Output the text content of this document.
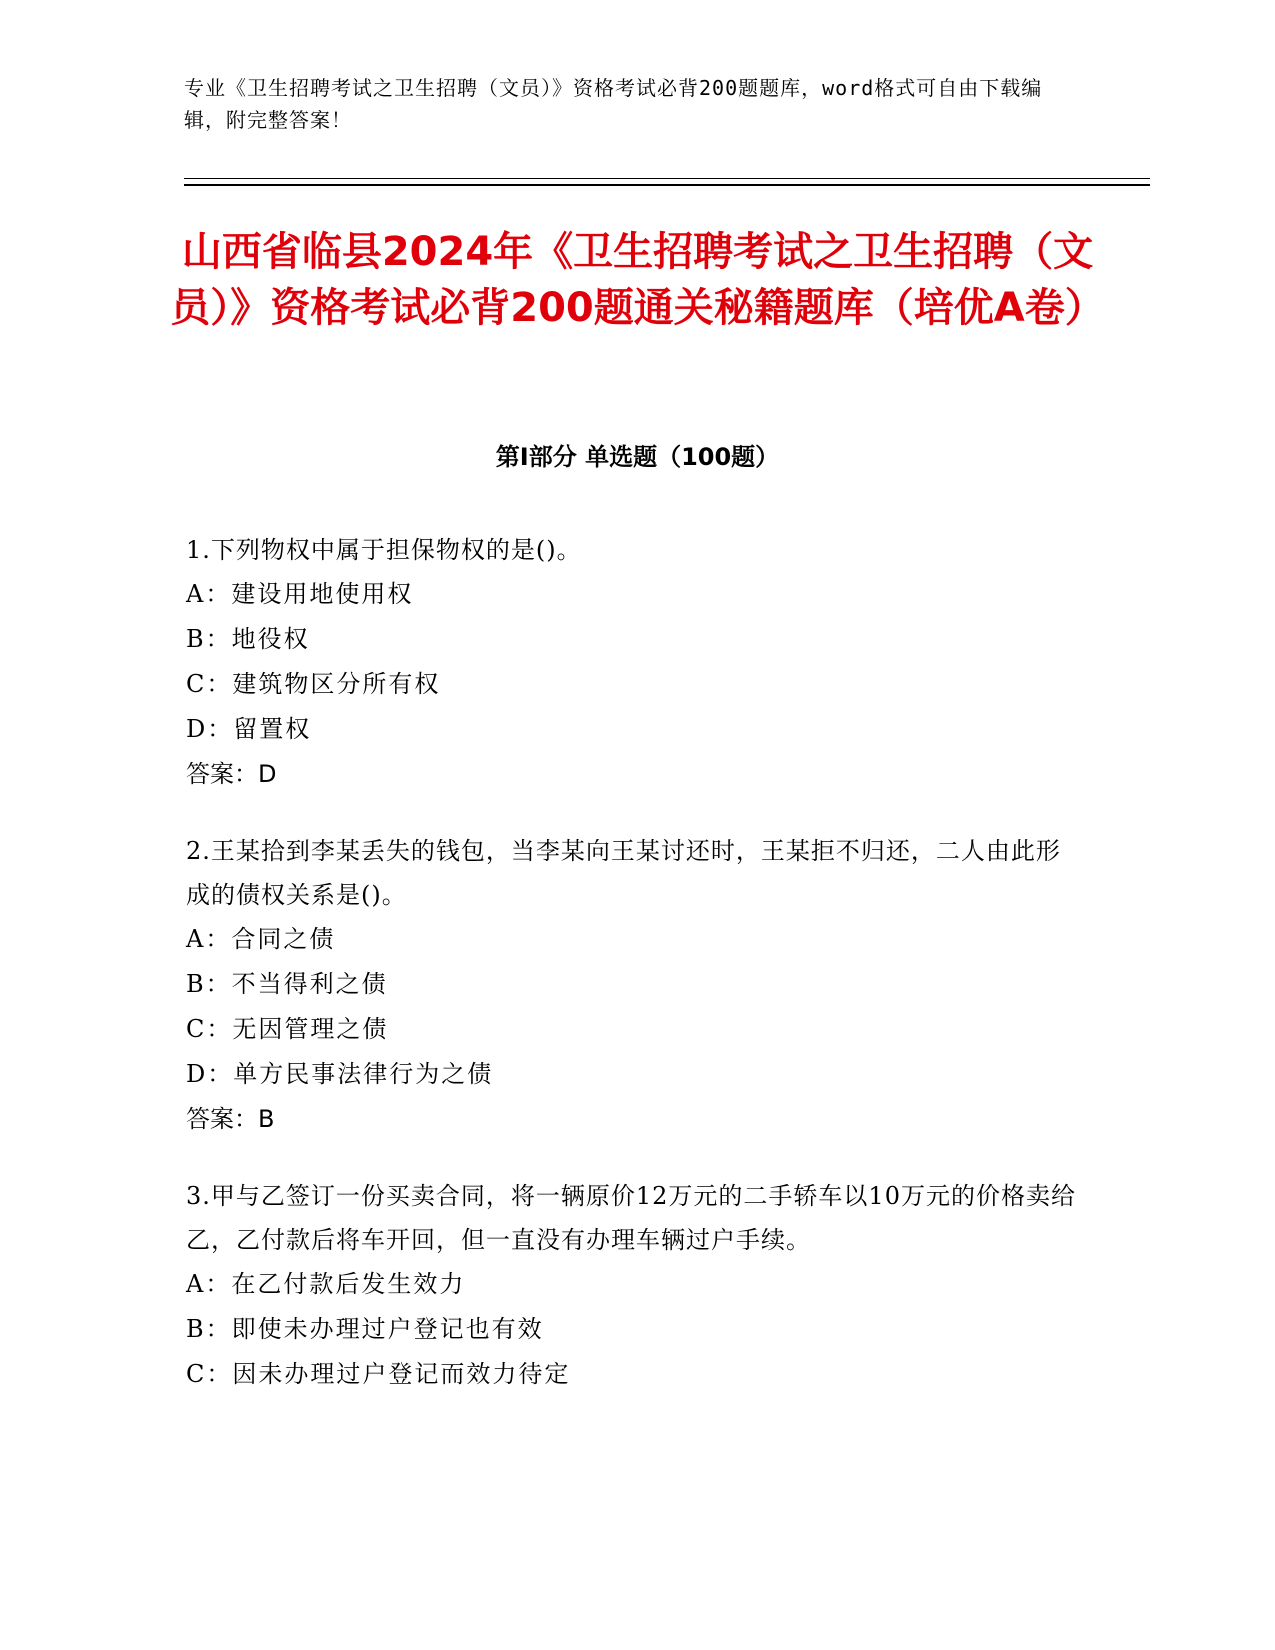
专业《卫生招聘考试之卫生招聘（文员）》资格考试必背200题题库，word格式可自由下载编辑，附完整答案！
山西省临县2024年《卫生招聘考试之卫生招聘（文员）》资格考试必背200题通关秘籍题库（培优A卷）
第I部分 单选题（100题）
1.下列物权中属于担保物权的是()。
A：建设用地使用权
B：地役权
C：建筑物区分所有权
D：留置权
答案：D
2.王某拾到李某丢失的钱包，当李某向王某讨还时，王某拒不归还，二人由此形成的债权关系是()。
A：合同之债
B：不当得利之债
C：无因管理之债
D：单方民事法律行为之债
答案：B
3.甲与乙签订一份买卖合同，将一辆原价12万元的二手轿车以10万元的价格卖给乙，乙付款后将车开回，但一直没有办理车辆过户手续。
A：在乙付款后发生效力
B：即使未办理过户登记也有效
C：因未办理过户登记而效力待定
